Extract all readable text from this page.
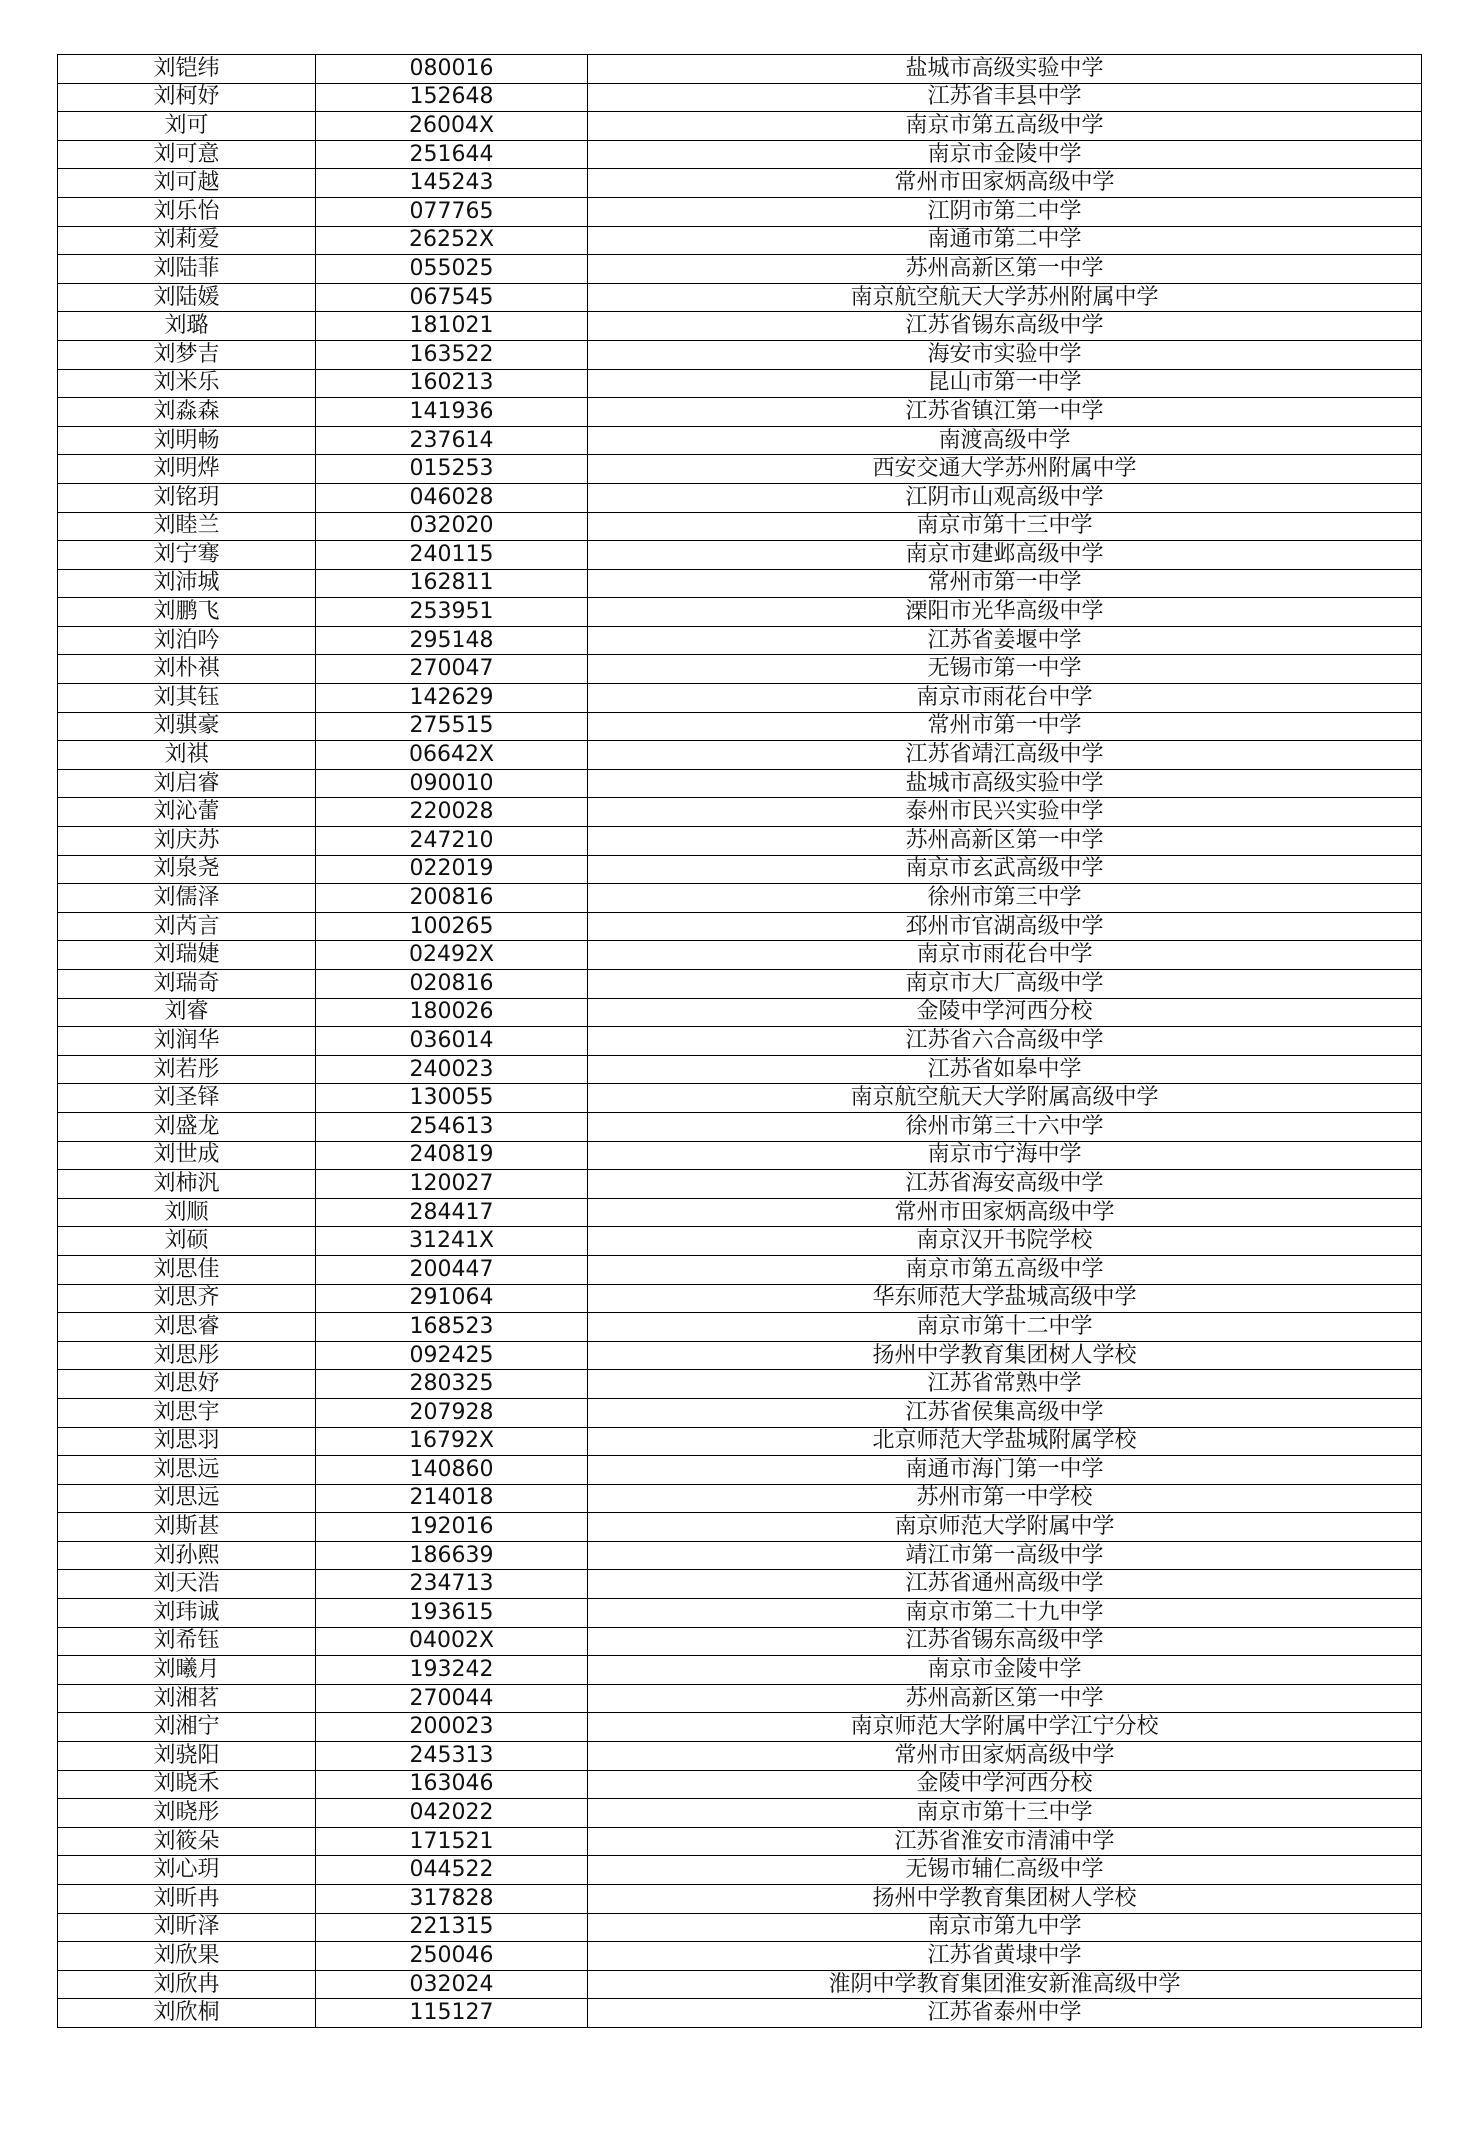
刘铠纬	080016	盐城市高级实验中学
刘柯妤	152648	江苏省丰县中学
刘可	26004X	南京市第五高级中学
刘可意	251644	南京市金陵中学
刘可越	145243	常州市田家炳高级中学
刘乐怡	077765	江阴市第二中学
刘莉爱	26252X	南通市第二中学
刘陆菲	055025	苏州高新区第一中学
刘陆媛	067545	南京航空航天大学苏州附属中学
刘璐	181021	江苏省锡东高级中学
刘梦吉	163522	海安市实验中学
刘米乐	160213	昆山市第一中学
刘淼森	141936	江苏省镇江第一中学
刘明畅	237614	南渡高级中学
刘明烨	015253	西安交通大学苏州附属中学
刘铭玥	046028	江阴市山观高级中学
刘睦兰	032020	南京市第十三中学
刘宁骞	240115	南京市建邺高级中学
刘沛城	162811	常州市第一中学
刘鹏飞	253951	溧阳市光华高级中学
刘泊吟	295148	江苏省姜堰中学
刘朴祺	270047	无锡市第一中学
刘其钰	142629	南京市雨花台中学
刘骐豪	275515	常州市第一中学
刘祺	06642X	江苏省靖江高级中学
刘启睿	090010	盐城市高级实验中学
刘沁蕾	220028	泰州市民兴实验中学
刘庆苏	247210	苏州高新区第一中学
刘泉尧	022019	南京市玄武高级中学
刘儒泽	200816	徐州市第三中学
刘芮言	100265	邳州市官湖高级中学
刘瑞婕	02492X	南京市雨花台中学
刘瑞奇	020816	南京市大厂高级中学
刘睿	180026	金陵中学河西分校
刘润华	036014	江苏省六合高级中学
刘若彤	240023	江苏省如皋中学
刘圣铎	130055	南京航空航天大学附属高级中学
刘盛龙	254613	徐州市第三十六中学
刘世成	240819	南京市宁海中学
刘柿汎	120027	江苏省海安高级中学
刘顺	284417	常州市田家炳高级中学
刘硕	31241X	南京汉开书院学校
刘思佳	200447	南京市第五高级中学
刘思齐	291064	华东师范大学盐城高级中学
刘思睿	168523	南京市第十二中学
刘思彤	092425	扬州中学教育集团树人学校
刘思妤	280325	江苏省常熟中学
刘思宇	207928	江苏省侯集高级中学
刘思羽	16792X	北京师范大学盐城附属学校
刘思远	140860	南通市海门第一中学
刘思远	214018	苏州市第一中学校
刘斯甚	192016	南京师范大学附属中学
刘孙熙	186639	靖江市第一高级中学
刘天浩	234713	江苏省通州高级中学
刘玮诚	193615	南京市第二十九中学
刘希钰	04002X	江苏省锡东高级中学
刘曦月	193242	南京市金陵中学
刘湘茗	270044	苏州高新区第一中学
刘湘宁	200023	南京师范大学附属中学江宁分校
刘骁阳	245313	常州市田家炳高级中学
刘晓禾	163046	金陵中学河西分校
刘晓彤	042022	南京市第十三中学
刘筱朵	171521	江苏省淮安市清浦中学
刘心玥	044522	无锡市辅仁高级中学
刘昕冉	317828	扬州中学教育集团树人学校
刘昕泽	221315	南京市第九中学
刘欣果	250046	江苏省黄埭中学
刘欣冉	032024	淮阴中学教育集团淮安新淮高级中学
刘欣桐	115127	江苏省泰州中学
